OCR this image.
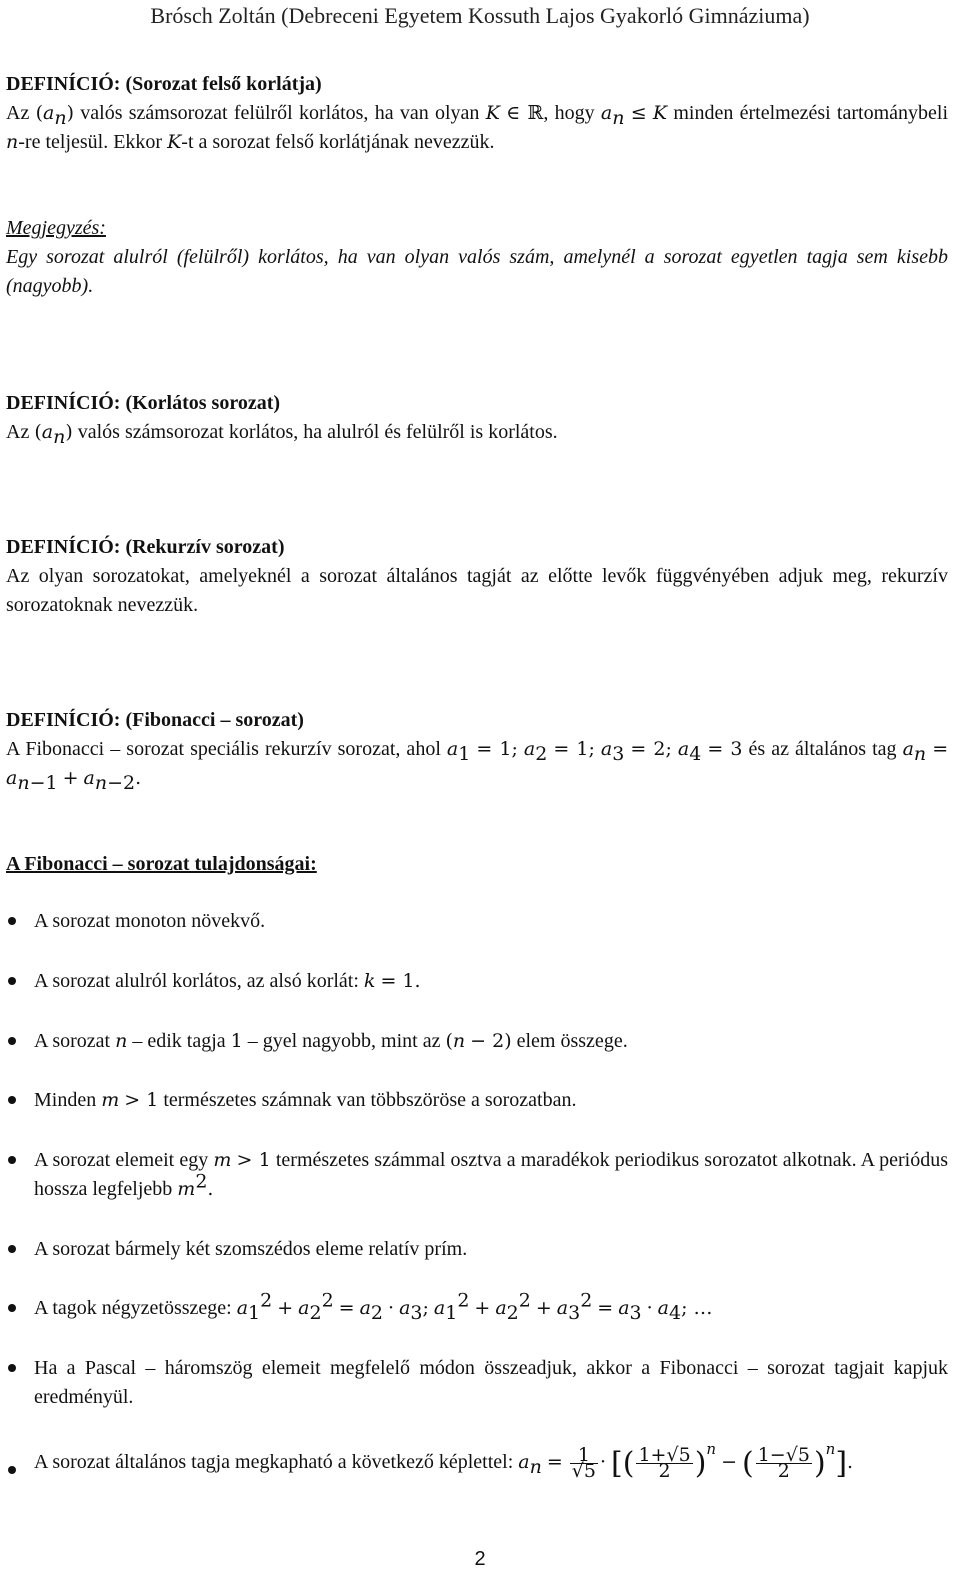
Brósch Zoltán (Debreceni Egyetem Kossuth Lajos Gyakorló Gimnáziuma)
DEFINÍCIÓ: (Sorozat felső korlátja)
Az $(a_n)$ valós számsorozat felülről korlátos, ha van olyan K ∈ ℝ, hogy $a_n \le K$ minden értelmezési tartománybeli n-re teljesül. Ekkor K-t a sorozat felső korlátjának nevezzük.
Megjegyzés:
Egy sorozat alulról (felülről) korlátos, ha van olyan valós szám, amelynél a sorozat egyetlen tagja sem kisebb (nagyobb).
DEFINÍCIÓ: (Korlátos sorozat)
Az $(a_n)$ valós számsorozat korlátos, ha alulról és felülről is korlátos.
DEFINÍCIÓ: (Rekurzív sorozat)
Az olyan sorozatokat, amelyeknél a sorozat általános tagját az előtte levők függvényében adjuk meg, rekurzív sorozatoknak nevezzük.
DEFINÍCIÓ: (Fibonacci – sorozat)
A Fibonacci – sorozat speciális rekurzív sorozat, ahol $a_1 = 1$; $a_2 = 1$; $a_3 = 2$; $a_4 = 3$ és az általános tag $a_n = a_{n-1} + a_{n-2}$.
A Fibonacci – sorozat tulajdonságai:
A sorozat monoton növekvő.
A sorozat alulról korlátos, az alsó korlát: k = 1.
A sorozat n – edik tagja 1 – gyel nagyobb, mint az (n − 2) elem összege.
Minden m > 1 természetes számnak van többszöröse a sorozatban.
A sorozat elemeit egy m > 1 természetes számmal osztva a maradékok periodikus sorozatot alkotnak. A periódus hossza legfeljebb $m^2$.
A sorozat bármely két szomszédos eleme relatív prím.
A tagok négyzetösszege: $a_1^2 + a_2^2 = a_2 \cdot a_3$; $a_1^2 + a_2^2 + a_3^2 = a_3 \cdot a_4$; …
Ha a Pascal – háromszög elemeit megfelelő módon összeadjuk, akkor a Fibonacci – sorozat tagjait kapjuk eredményül.
A sorozat általános tagja megkapható a következő képlettel: $a_n = \frac{1}{√5}$ · [( $\frac{1+√5}{2} )^n$ − ( $\frac{1-√5}{2} )^n$].
2
